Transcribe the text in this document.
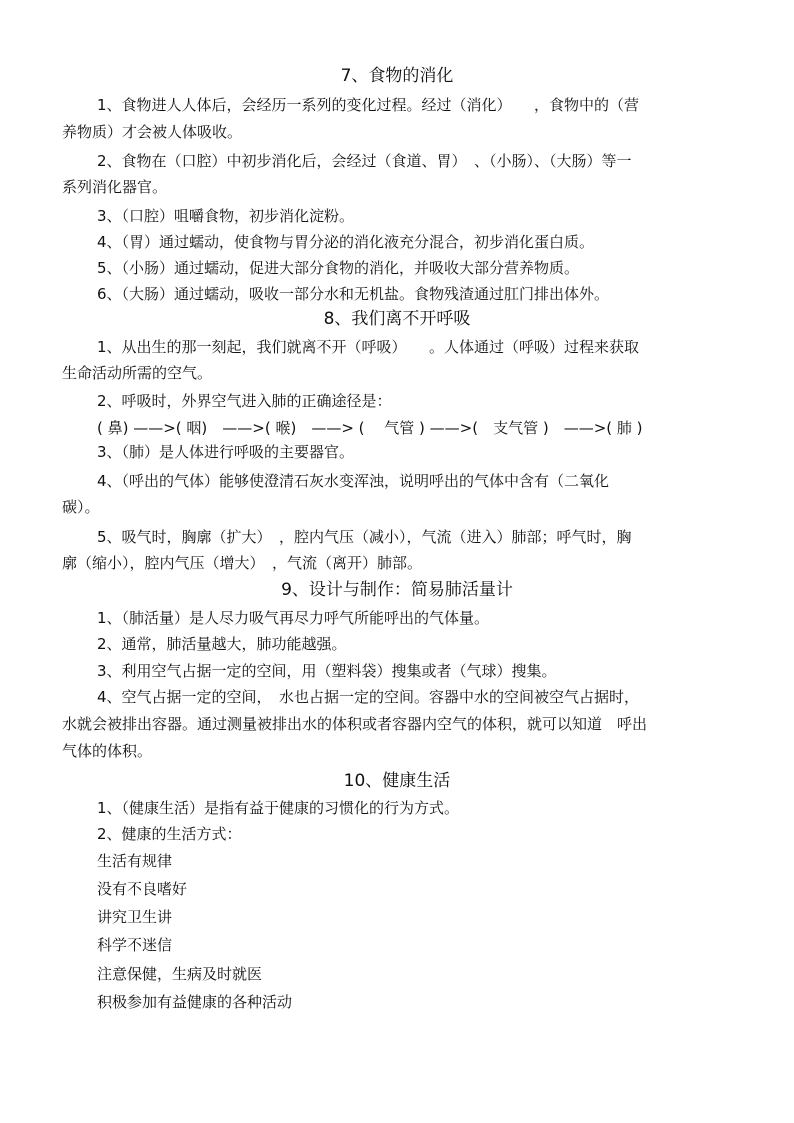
7、食物的消化
1、食物进人人体后，会经历一系列的变化过程。经过（消化）　　，食物中的（营
养物质）才会被人体吸收。
2、食物在（口腔）中初步消化后，会经过（食道、胃）　、（小肠）、（大肠）等一
系列消化器官。
3、（口腔）咀嚼食物，初步消化淀粉。
4、（胃）通过蠕动，使食物与胃分泌的消化液充分混合，初步消化蛋白质。
5、（小肠）通过蠕动，促进大部分食物的消化，并吸收大部分营养物质。
6、（大肠）通过蠕动，吸收一部分水和无机盐。食物残渣通过肛门排出体外。
8、我们离不开呼吸
1、从出生的那一刻起，我们就离不开（呼吸）　　。人体通过（呼吸）过程来获取
生命活动所需的空气。
2、呼吸时，外界空气进入肺的正确途径是：
( 鼻) ——>( 咽)　——>( 喉)　——> (　 气管 ) ——>(　支气管 )　——>( 肺 )
3、（肺）是人体进行呼吸的主要器官。
4、（呼出的气体）能够使澄清石灰水变浑浊，说明呼出的气体中含有（二氧化
碳）。
5、吸气时，胸廓（扩大）　，腔内气压（减小），气流（进入）肺部；呼气时，胸
廓（缩小），腔内气压（增大）　，气流（离开）肺部。
9、设计与制作：简易肺活量计
1、（肺活量）是人尽力吸气再尽力呼气所能呼出的气体量。
2、通常，肺活量越大，肺功能越强。
3、利用空气占据一定的空间，用（塑料袋）搜集或者（气球）搜集。
4、空气占据一定的空间，　水也占据一定的空间。容器中水的空间被空气占据时，
水就会被排出容器。通过测量被排出水的体积或者容器内空气的体积，就可以知道　呼出
气体的体积。
10、健康生活
1、（健康生活）是指有益于健康的习惯化的行为方式。
2、健康的生活方式：
生活有规律
没有不良嗜好
讲究卫生讲
科学不迷信
注意保健，生病及时就医
积极参加有益健康的各种活动
